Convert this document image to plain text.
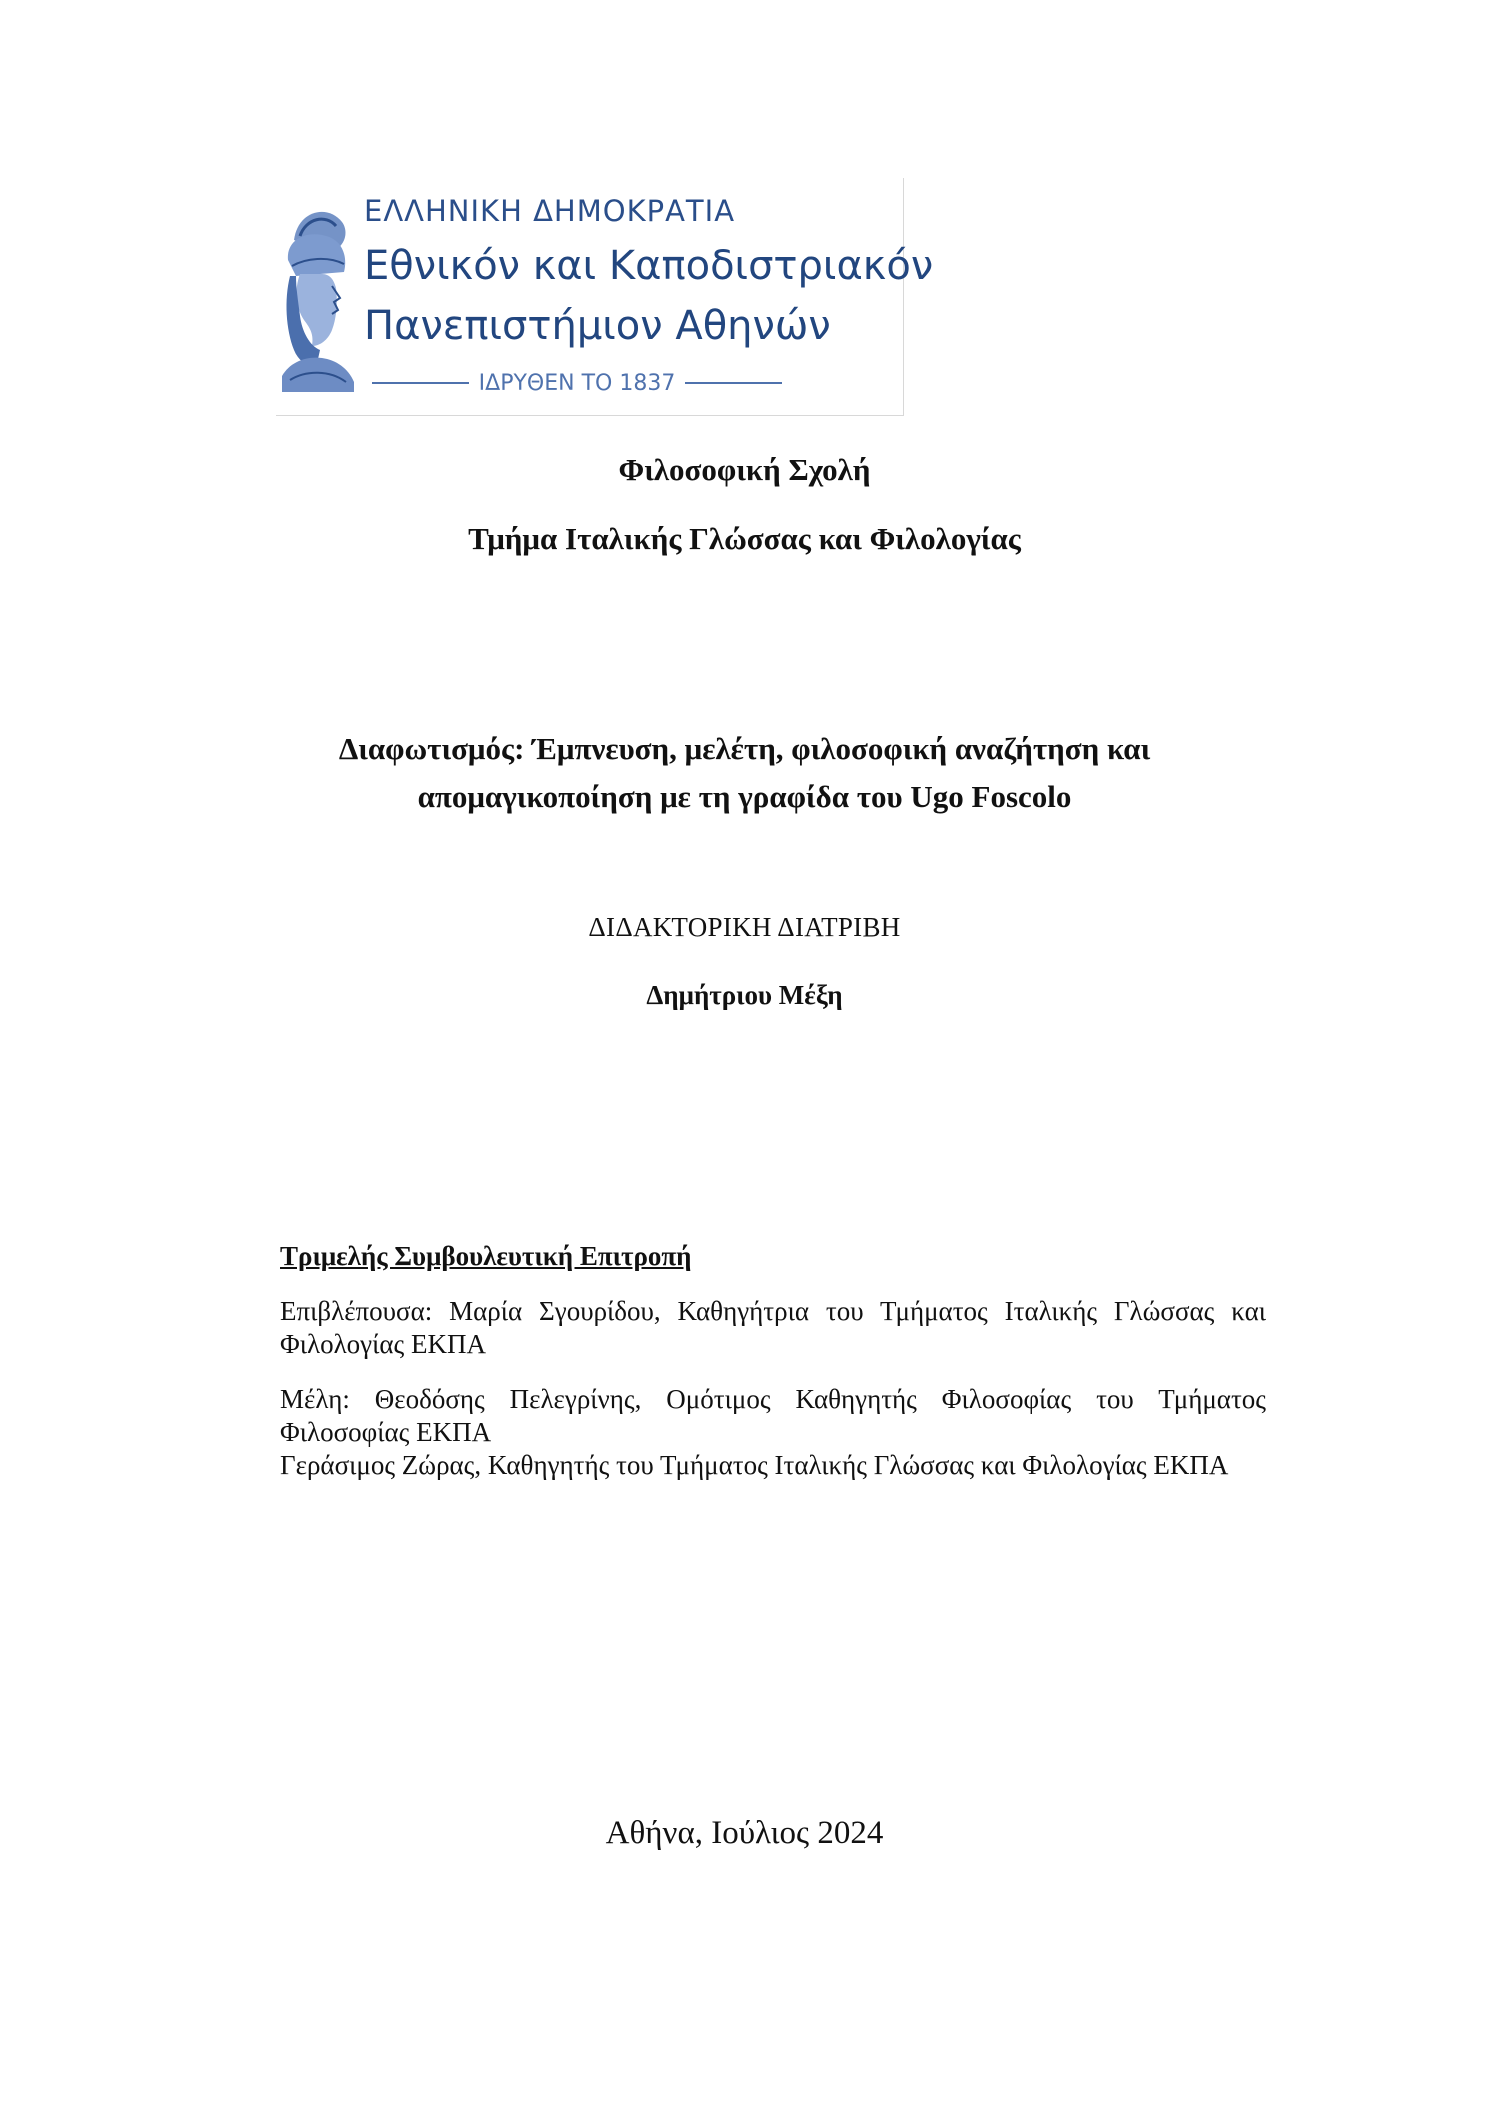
ΕΛΛΗΝΙΚΗ ΔΗΜΟΚΡΑΤΙΑ
Εθνικόν και Καποδιστριακόν
Πανεπιστήμιον Αθηνών
ΙΔΡΥΘΕΝ ΤΟ 1837
Φιλοσοφική Σχολή
Τμήμα Ιταλικής Γλώσσας και Φιλολογίας
Διαφωτισμός: Έμπνευση, μελέτη, φιλοσοφική αναζήτηση και
απομαγικοποίηση με τη γραφίδα του Ugo Foscolo
ΔΙΔΑΚΤΟΡΙΚΗ ΔΙΑΤΡΙΒΗ
Δημήτριου Μέξη
Τριμελής Συμβουλευτική Επιτροπή

Επιβλέπουσα: Μαρία Σγουρίδου, Καθηγήτρια του Τμήματος Ιταλικής Γλώσσας και Φιλολογίας ΕΚΠΑ

Μέλη: Θεοδόσης Πελεγρίνης, Ομότιμος Καθηγητής Φιλοσοφίας του Τμήματος Φιλοσοφίας ΕΚΠΑ

Γεράσιμος Ζώρας, Καθηγητής του Τμήματος Ιταλικής Γλώσσας και Φιλολογίας ΕΚΠΑ

Αθήνα, Ιούλιος 2024
